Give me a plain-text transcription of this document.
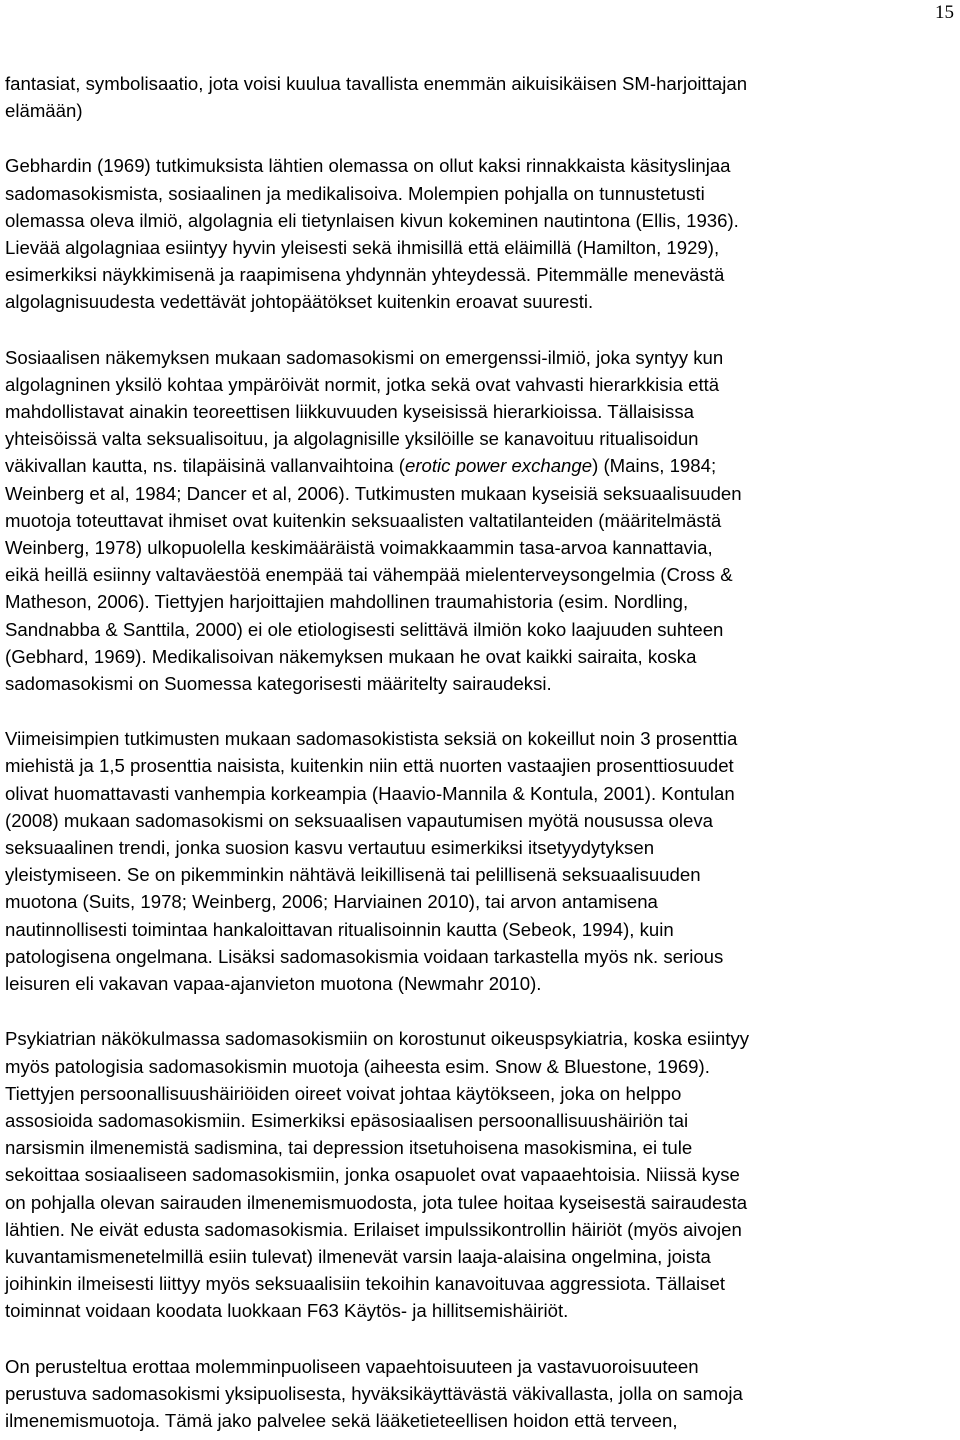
15

fantasiat, symbolisaatio, jota voisi kuulua tavallista enemmän aikuisikäisen SM-harjoittajan
elämään)

Gebhardin (1969) tutkimuksista lähtien olemassa on ollut kaksi rinnakkaista käsityslinjaa
sadomasokismista, sosiaalinen ja medikalisoiva. Molempien pohjalla on tunnustetusti
olemassa oleva ilmiö, algolagnia eli tietynlaisen kivun kokeminen nautintona (Ellis, 1936).
Lievää algolagniaa esiintyy hyvin yleisesti sekä ihmisillä että eläimillä (Hamilton, 1929),
esimerkiksi näykkimisenä ja raapimisena yhdynnän yhteydessä. Pitemmälle menevästä
algolagnisuudesta vedettävät johtopäätökset kuitenkin eroavat suuresti.

Sosiaalisen näkemyksen mukaan sadomasokismi on emergenssi-ilmiö, joka syntyy kun
algolagninen yksilö kohtaa ympäröivät normit, jotka sekä ovat vahvasti hierarkkisia että
mahdollistavat ainakin teoreettisen liikkuvuuden kyseisissä hierarkioissa. Tällaisissa
yhteisöissä valta seksualisoituu, ja algolagnisille yksilöille se kanavoituu ritualisoidun
väkivallan kautta, ns. tilapäisinä vallanvaihtoina (erotic power exchange) (Mains, 1984;
Weinberg et al, 1984; Dancer et al, 2006). Tutkimusten mukaan kyseisiä seksuaalisuuden
muotoja toteuttavat ihmiset ovat kuitenkin seksuaalisten valtatilanteiden (määritelmästä
Weinberg, 1978) ulkopuolella keskimääräistä voimakkaammin tasa-arvoa kannattavia,
eikä heillä esiinny valtaväestöä enempää tai vähempää mielenterveysongelmia (Cross &
Matheson, 2006). Tiettyjen harjoittajien mahdollinen traumahistoria (esim. Nordling,
Sandnabba & Santtila, 2000) ei ole etiologisesti selittävä ilmiön koko laajuuden suhteen
(Gebhard, 1969). Medikalisoivan näkemyksen mukaan he ovat kaikki sairaita, koska
sadomasokismi on Suomessa kategorisesti määritelty sairaudeksi.

Viimeisimpien tutkimusten mukaan sadomasokistista seksiä on kokeillut noin 3 prosenttia
miehistä ja 1,5 prosenttia naisista, kuitenkin niin että nuorten vastaajien prosenttiosuudet
olivat huomattavasti vanhempia korkeampia (Haavio-Mannila & Kontula, 2001). Kontulan
(2008) mukaan sadomasokismi on seksuaalisen vapautumisen myötä nousussa oleva
seksuaalinen trendi, jonka suosion kasvu vertautuu esimerkiksi itsetyydytyksen
yleistymiseen. Se on pikemminkin nähtävä leikillisenä tai pelillisenä seksuaalisuuden
muotona (Suits, 1978; Weinberg, 2006; Harviainen 2010), tai arvon antamisena
nautinnollisesti toimintaa hankaloittavan ritualisoinnin kautta (Sebeok, 1994), kuin
patologisena ongelmana. Lisäksi sadomasokismia voidaan tarkastella myös nk. serious
leisuren eli vakavan vapaa-ajanvieton muotona (Newmahr 2010).

Psykiatrian näkökulmassa sadomasokismiin on korostunut oikeuspsykiatria, koska esiintyy
myös patologisia sadomasokismin muotoja (aiheesta esim. Snow & Bluestone, 1969).
Tiettyjen persoonallisuushäiriöiden oireet voivat johtaa käytökseen, joka on helppo
assosioida sadomasokismiin. Esimerkiksi epäsosiaalisen persoonallisuushäiriön tai
narsismin ilmenemistä sadismina, tai depression itsetuhoisena masokismina, ei tule
sekoittaa sosiaaliseen sadomasokismiin, jonka osapuolet ovat vapaaehtoisia. Niissä kyse
on pohjalla olevan sairauden ilmenemismuodosta, jota tulee hoitaa kyseisestä sairaudesta
lähtien. Ne eivät edusta sadomasokismia. Erilaiset impulssikontrollin häiriöt (myös aivojen
kuvantamismenetelmillä esiin tulevat) ilmenevät varsin laaja-alaisina ongelmina, joista
joihinkin ilmeisesti liittyy myös seksuaalisiin tekoihin kanavoituvaa aggressiota. Tällaiset
toiminnat voidaan koodata luokkaan F63 Käytös- ja hillitsemishäiriöt.

On perusteltua erottaa molemminpuoliseen vapaehtoisuuteen ja vastavuoroisuuteen
perustuva sadomasokismi yksipuolisesta, hyväksikäyttävästä väkivallasta, jolla on samoja
ilmenemismuotoja. Tämä jako palvelee sekä lääketieteellisen hoidon että terveen,
